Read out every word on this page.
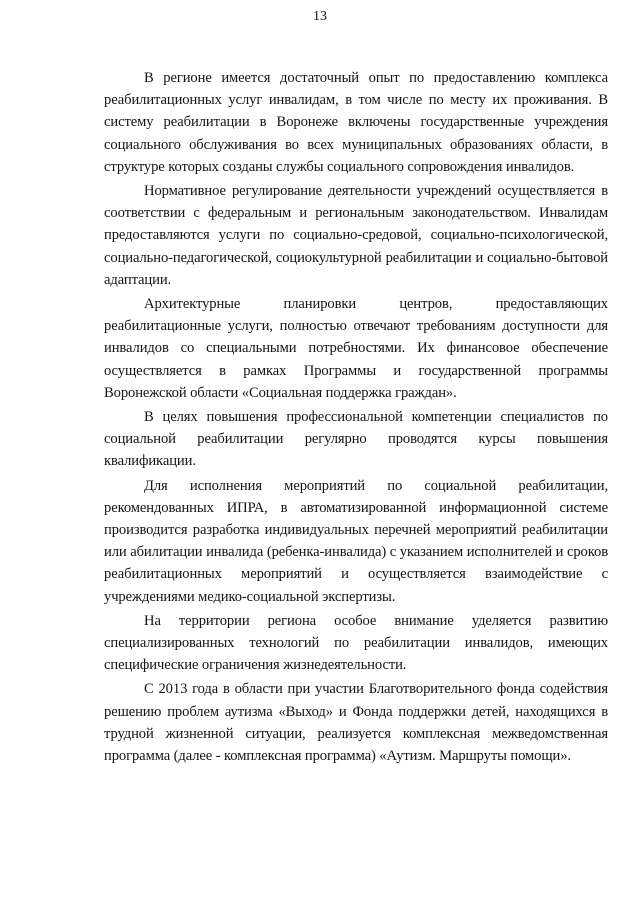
13

В регионе имеется достаточный опыт по предоставлению комплекса реабилитационных услуг инвалидам, в том числе по месту их проживания. В систему реабилитации в Воронеже включены государственные учреждения социального обслуживания во всех муниципальных образованиях области, в структуре которых созданы службы социального сопровождения инвалидов.

Нормативное регулирование деятельности учреждений осуществляется в соответствии с федеральным и региональным законодательством. Инвалидам предоставляются услуги по социально-средовой, социально-психологической, социально-педагогической, социокультурной реабилитации и социально-бытовой адаптации.

Архитектурные планировки центров, предоставляющих реабилитационные услуги, полностью отвечают требованиям доступности для инвалидов со специальными потребностями. Их финансовое обеспечение осуществляется в рамках Программы и государственной программы Воронежской области «Социальная поддержка граждан».

В целях повышения профессиональной компетенции специалистов по социальной реабилитации регулярно проводятся курсы повышения квалификации.

Для исполнения мероприятий по социальной реабилитации, рекомендованных ИПРА, в автоматизированной информационной системе производится разработка индивидуальных перечней мероприятий реабилитации или абилитации инвалида (ребенка-инвалида) с указанием исполнителей и сроков реабилитационных мероприятий и осуществляется взаимодействие с учреждениями медико-социальной экспертизы.

На территории региона особое внимание уделяется развитию специализированных технологий по реабилитации инвалидов, имеющих специфические ограничения жизнедеятельности.

С 2013 года в области при участии Благотворительного фонда содействия решению проблем аутизма «Выход» и Фонда поддержки детей, находящихся в трудной жизненной ситуации, реализуется комплексная межведомственная программа (далее - комплексная программа) «Аутизм. Маршруты помощи».
